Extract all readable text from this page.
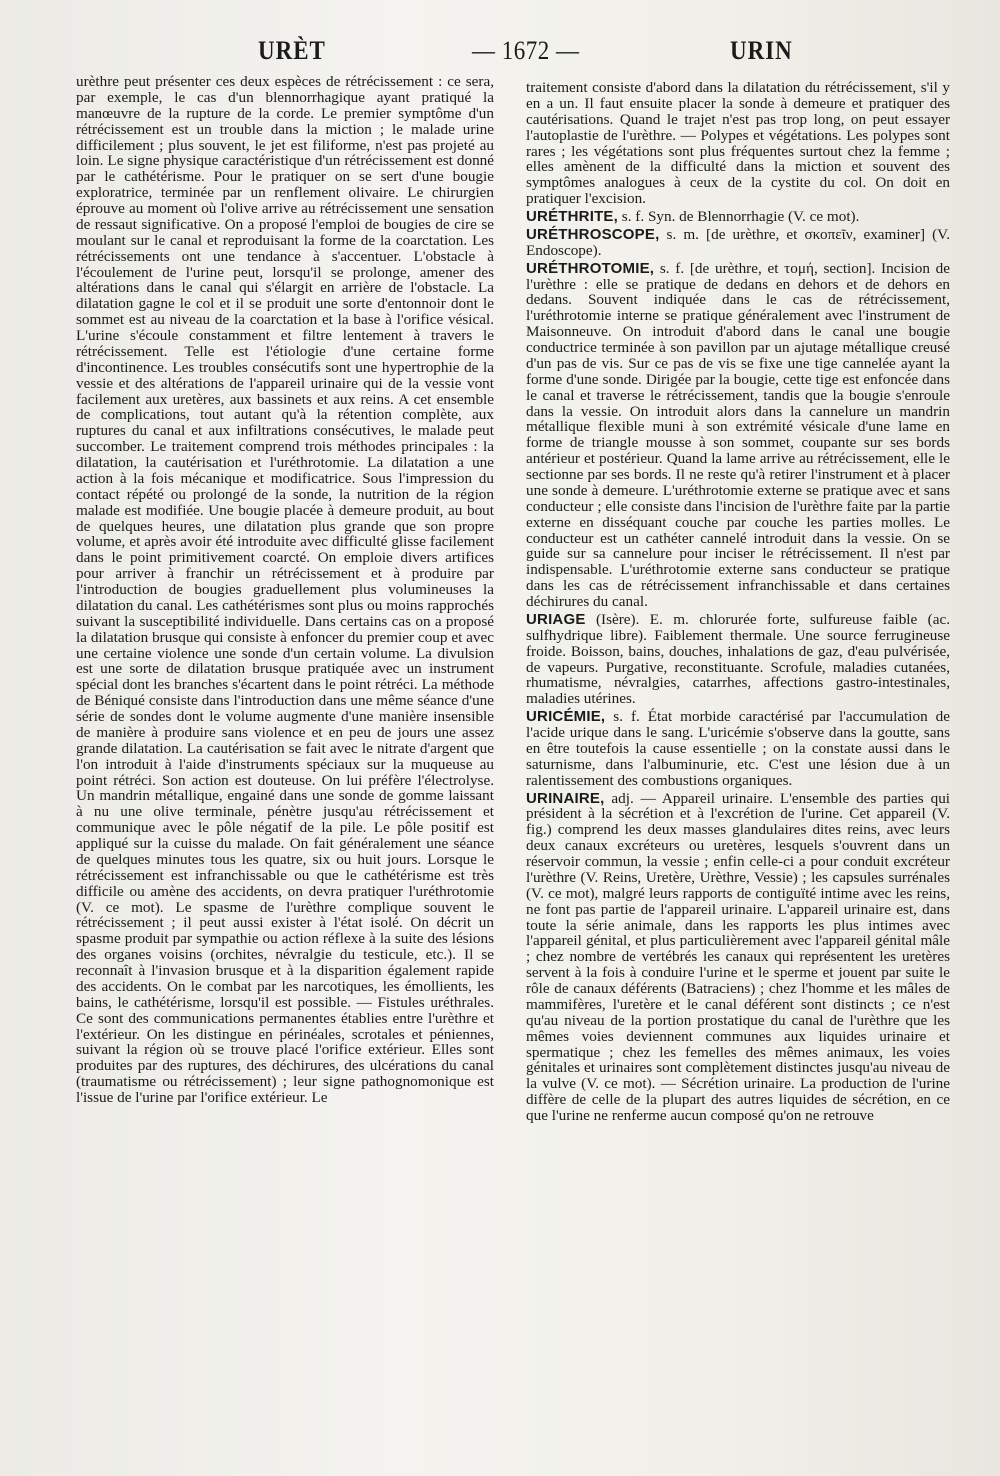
URÈT	— 1672 —	URIN

urèthre peut présenter ces deux espèces de rétrécissement : ce sera, par exemple, le cas d'un blennorrhagique ayant pratiqué la manœuvre de la rupture de la corde. Le premier symptôme d'un rétrécissement est un trouble dans la miction ; le malade urine difficilement ; plus souvent, le jet est filiforme, n'est pas projeté au loin. Le signe physique caractéristique d'un rétrécissement est donné par le cathétérisme. Pour le pratiquer on se sert d'une bougie exploratrice, terminée par un renflement olivaire. Le chirurgien éprouve au moment où l'olive arrive au rétrécissement une sensation de ressaut significative. On a proposé l'emploi de bougies de cire se moulant sur le canal et reproduisant la forme de la coarctation. Les rétrécissements ont une tendance à s'accentuer. L'obstacle à l'écoulement de l'urine peut, lorsqu'il se prolonge, amener des altérations dans le canal qui s'élargit en arrière de l'obstacle. La dilatation gagne le col et il se produit une sorte d'entonnoir dont le sommet est au niveau de la coarctation et la base à l'orifice vésical. L'urine s'écoule constamment et filtre lentement à travers le rétrécissement. Telle est l'étiologie d'une certaine forme d'incontinence. Les troubles consécutifs sont une hypertrophie de la vessie et des altérations de l'appareil urinaire qui de la vessie vont facilement aux uretères, aux bassinets et aux reins. A cet ensemble de complications, tout autant qu'à la rétention complète, aux ruptures du canal et aux infiltrations consécutives, le malade peut succomber. Le traitement comprend trois méthodes principales : la dilatation, la cautérisation et l'uréthrotomie. La dilatation a une action à la fois mécanique et modificatrice. Sous l'impression du contact répété ou prolongé de la sonde, la nutrition de la région malade est modifiée. Une bougie placée à demeure produit, au bout de quelques heures, une dilatation plus grande que son propre volume, et après avoir été introduite avec difficulté glisse facilement dans le point primitivement coarcté. On emploie divers artifices pour arriver à franchir un rétrécissement et à produire par l'introduction de bougies graduellement plus volumineuses la dilatation du canal. Les cathétérismes sont plus ou moins rapprochés suivant la susceptibilité individuelle. Dans certains cas on a proposé la dilatation brusque qui consiste à enfoncer du premier coup et avec une certaine violence une sonde d'un certain volume. La divulsion est une sorte de dilatation brusque pratiquée avec un instrument spécial dont les branches s'écartent dans le point rétréci. La méthode de Béniqué consiste dans l'introduction dans une même séance d'une série de sondes dont le volume augmente d'une manière insensible de manière à produire sans violence et en peu de jours une assez grande dilatation. La cautérisation se fait avec le nitrate d'argent que l'on introduit à l'aide d'instruments spéciaux sur la muqueuse au point rétréci. Son action est douteuse. On lui préfère l'électrolyse. Un mandrin métallique, engainé dans une sonde de gomme laissant à nu une olive terminale, pénètre jusqu'au rétrécissement et communique avec le pôle négatif de la pile. Le pôle positif est appliqué sur la cuisse du malade. On fait généralement une séance de quelques minutes tous les quatre, six ou huit jours. Lorsque le rétrécissement est infranchissable ou que le cathétérisme est très difficile ou amène des accidents, on devra pratiquer l'uréthrotomie (V. ce mot). Le spasme de l'urèthre complique souvent le rétrécissement ; il peut aussi exister à l'état isolé. On décrit un spasme produit par sympathie ou action réflexe à la suite des lésions des organes voisins (orchites, névralgie du testicule, etc.). Il se reconnaît à l'invasion brusque et à la disparition également rapide des accidents. On le combat par les narcotiques, les émollients, les bains, le cathétérisme, lorsqu'il est possible. — Fistules uréthrales. Ce sont des communications permanentes établies entre l'urèthre et l'extérieur. On les distingue en périnéales, scrotales et péniennes, suivant la région où se trouve placé l'orifice extérieur. Elles sont produites par des ruptures, des déchirures, des ulcérations du canal (traumatisme ou rétrécissement) ; leur signe pathognomonique est l'issue de l'urine par l'orifice extérieur. Le

traitement consiste d'abord dans la dilatation du rétrécissement, s'il y en a un. Il faut ensuite placer la sonde à demeure et pratiquer des cautérisations. Quand le trajet n'est pas trop long, on peut essayer l'autoplastie de l'urèthre. — Polypes et végétations. Les polypes sont rares ; les végétations sont plus fréquentes surtout chez la femme ; elles amènent de la difficulté dans la miction et souvent des symptômes analogues à ceux de la cystite du col. On doit en pratiquer l'excision.

URÉTHRITE, s. f. Syn. de Blennorrhagie (V. ce mot).

URÉTHROSCOPE, s. m. [de urèthre, et σκοπεῖν, examiner] (V. Endoscope).

URÉTHROTOMIE, s. f. [de urèthre, et τομή, section]. Incision de l'urèthre : elle se pratique de dedans en dehors et de dehors en dedans. Souvent indiquée dans le cas de rétrécissement, l'uréthrotomie interne se pratique généralement avec l'instrument de Maisonneuve. On introduit d'abord dans le canal une bougie conductrice terminée à son pavillon par un ajutage métallique creusé d'un pas de vis. Sur ce pas de vis se fixe une tige cannelée ayant la forme d'une sonde. Dirigée par la bougie, cette tige est enfoncée dans le canal et traverse le rétrécissement, tandis que la bougie s'enroule dans la vessie. On introduit alors dans la cannelure un mandrin métallique flexible muni à son extrémité vésicale d'une lame en forme de triangle mousse à son sommet, coupante sur ses bords antérieur et postérieur. Quand la lame arrive au rétrécissement, elle le sectionne par ses bords. Il ne reste qu'à retirer l'instrument et à placer une sonde à demeure. L'uréthrotomie externe se pratique avec et sans conducteur ; elle consiste dans l'incision de l'urèthre faite par la partie externe en disséquant couche par couche les parties molles. Le conducteur est un cathéter cannelé introduit dans la vessie. On se guide sur sa cannelure pour inciser le rétrécissement. Il n'est par indispensable. L'uréthrotomie externe sans conducteur se pratique dans les cas de rétrécissement infranchissable et dans certaines déchirures du canal.

URIAGE (Isère). E. m. chlorurée forte, sulfureuse faible (ac. sulfhydrique libre). Faiblement thermale. Une source ferrugineuse froide. Boisson, bains, douches, inhalations de gaz, d'eau pulvérisée, de vapeurs. Purgative, reconstituante. Scrofule, maladies cutanées, rhumatisme, névralgies, catarrhes, affections gastro-intestinales, maladies utérines.

URICÉMIE, s. f. État morbide caractérisé par l'accumulation de l'acide urique dans le sang. L'uricémie s'observe dans la goutte, sans en être toutefois la cause essentielle ; on la constate aussi dans le saturnisme, dans l'albuminurie, etc. C'est une lésion due à un ralentissement des combustions organiques.

URINAIRE, adj. — Appareil urinaire. L'ensemble des parties qui président à la sécrétion et à l'excrétion de l'urine. Cet appareil (V. fig.) comprend les deux masses glandulaires dites reins, avec leurs deux canaux excréteurs ou uretères, lesquels s'ouvrent dans un réservoir commun, la vessie ; enfin celle-ci a pour conduit excréteur l'urèthre (V. Reins, Uretère, Urèthre, Vessie) ; les capsules surrénales (V. ce mot), malgré leurs rapports de contiguïté intime avec les reins, ne font pas partie de l'appareil urinaire. L'appareil urinaire est, dans toute la série animale, dans les rapports les plus intimes avec l'appareil génital, et plus particulièrement avec l'appareil génital mâle ; chez nombre de vertébrés les canaux qui représentent les uretères servent à la fois à conduire l'urine et le sperme et jouent par suite le rôle de canaux déférents (Batraciens) ; chez l'homme et les mâles de mammifères, l'uretère et le canal déférent sont distincts ; ce n'est qu'au niveau de la portion prostatique du canal de l'urèthre que les mêmes voies deviennent communes aux liquides urinaire et spermatique ; chez les femelles des mêmes animaux, les voies génitales et urinaires sont complètement distinctes jusqu'au niveau de la vulve (V. ce mot). — Sécrétion urinaire. La production de l'urine diffère de celle de la plupart des autres liquides de sécrétion, en ce que l'urine ne renferme aucun composé qu'on ne retrouve
